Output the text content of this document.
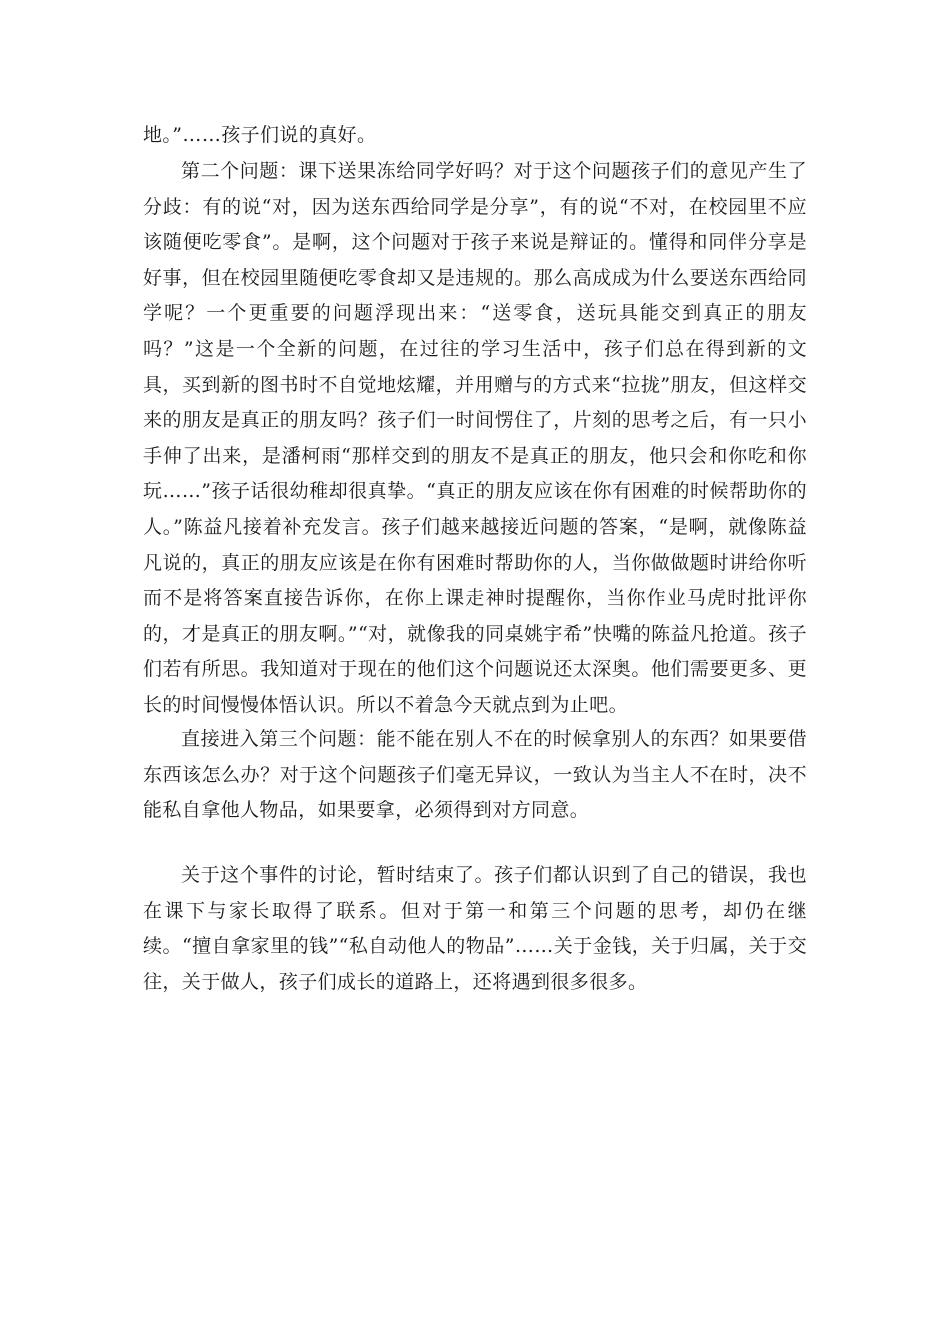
地。”……孩子们说的真好。

第二个问题：课下送果冻给同学好吗？对于这个问题孩子们的意见产生了分歧：有的说“对，因为送东西给同学是分享”，有的说“不对，在校园里不应该随便吃零食”。是啊，这个问题对于孩子来说是辩证的。懂得和同伴分享是好事，但在校园里随便吃零食却又是违规的。那么高成成为什么要送东西给同学呢？一个更重要的问题浮现出来：“送零食，送玩具能交到真正的朋友吗？”这是一个全新的问题，在过往的学习生活中，孩子们总在得到新的文具，买到新的图书时不自觉地炫耀，并用赠与的方式来“拉拢”朋友，但这样交来的朋友是真正的朋友吗？孩子们一时间愣住了，片刻的思考之后，有一只小手伸了出来，是潘柯雨“那样交到的朋友不是真正的朋友，他只会和你吃和你玩……”孩子话很幼稚却很真挚。“真正的朋友应该在你有困难的时候帮助你的人。”陈益凡接着补充发言。孩子们越来越接近问题的答案，“是啊，就像陈益凡说的，真正的朋友应该是在你有困难时帮助你的人，当你做做题时讲给你听而不是将答案直接告诉你，在你上课走神时提醒你，当你作业马虎时批评你的，才是真正的朋友啊。”“对，就像我的同桌姚宇希”快嘴的陈益凡抢道。孩子们若有所思。我知道对于现在的他们这个问题说还太深奥。他们需要更多、更长的时间慢慢体悟认识。所以不着急今天就点到为止吧。

直接进入第三个问题：能不能在别人不在的时候拿别人的东西？如果要借东西该怎么办？对于这个问题孩子们毫无异议，一致认为当主人不在时，决不能私自拿他人物品，如果要拿，必须得到对方同意。

关于这个事件的讨论，暂时结束了。孩子们都认识到了自己的错误，我也在课下与家长取得了联系。但对于第一和第三个问题的思考，却仍在继续。“擅自拿家里的钱”“私自动他人的物品”……关于金钱，关于归属，关于交往，关于做人，孩子们成长的道路上，还将遇到很多很多。
